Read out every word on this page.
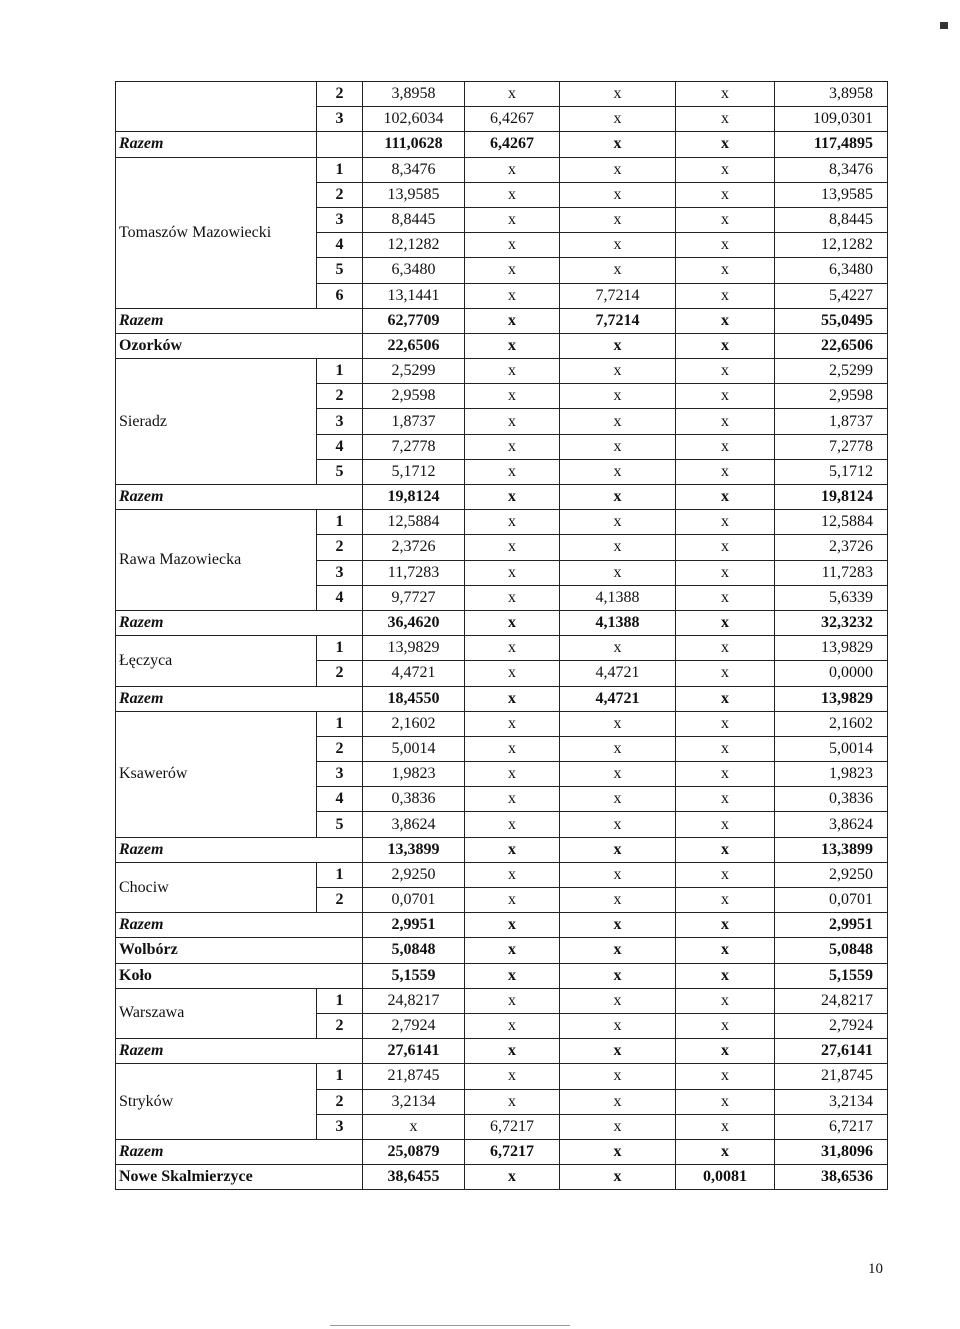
	2	3,8958	x	x	x	3,8958
	3	102,6034	6,4267	x	x	109,0301
Razem		111,0628	6,4267	x	x	117,4895
Tomaszów Mazowiecki	1	8,3476	x	x	x	8,3476
	2	13,9585	x	x	x	13,9585
	3	8,8445	x	x	x	8,8445
	4	12,1282	x	x	x	12,1282
	5	6,3480	x	x	x	6,3480
	6	13,1441	x	7,7214	x	5,4227
Razem		62,7709	x	7,7214	x	55,0495
Ozorków		22,6506	x	x	x	22,6506
Sieradz	1	2,5299	x	x	x	2,5299
	2	2,9598	x	x	x	2,9598
	3	1,8737	x	x	x	1,8737
	4	7,2778	x	x	x	7,2778
	5	5,1712	x	x	x	5,1712
Razem		19,8124	x	x	x	19,8124
Rawa Mazowiecka	1	12,5884	x	x	x	12,5884
	2	2,3726	x	x	x	2,3726
	3	11,7283	x	x	x	11,7283
	4	9,7727	x	4,1388	x	5,6339
Razem		36,4620	x	4,1388	x	32,3232
Łęczyca	1	13,9829	x	x	x	13,9829
	2	4,4721	x	4,4721	x	0,0000
Razem		18,4550	x	4,4721	x	13,9829
Ksawerów	1	2,1602	x	x	x	2,1602
	2	5,0014	x	x	x	5,0014
	3	1,9823	x	x	x	1,9823
	4	0,3836	x	x	x	0,3836
	5	3,8624	x	x	x	3,8624
Razem		13,3899	x	x	x	13,3899
Chociw	1	2,9250	x	x	x	2,9250
	2	0,0701	x	x	x	0,0701
Razem		2,9951	x	x	x	2,9951
Wolbórz		5,0848	x	x	x	5,0848
Koło		5,1559	x	x	x	5,1559
Warszawa	1	24,8217	x	x	x	24,8217
	2	2,7924	x	x	x	2,7924
Razem		27,6141	x	x	x	27,6141
Stryków	1	21,8745	x	x	x	21,8745
	2	3,2134	x	x	x	3,2134
	3	x	6,7217	x	x	6,7217
Razem		25,0879	6,7217	x	x	31,8096
Nowe Skalmierzyce		38,6455	x	x	0,0081	38,6536
10
